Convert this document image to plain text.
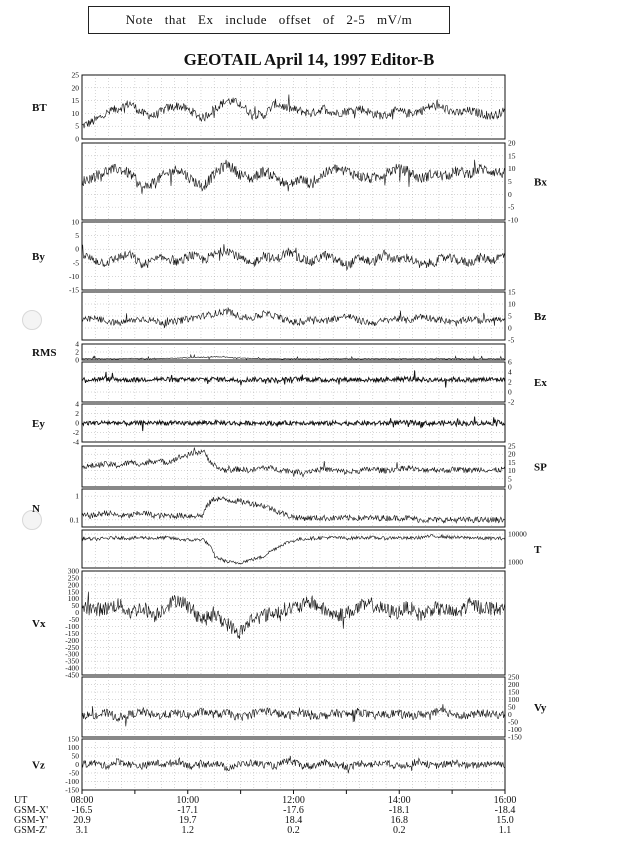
Note that Ex include offset of 2-5 mV/m
GEOTAIL April 14, 1997 Editor-B
25
20
15
10
5
0
BT
20
15
10
5
0
-5
-10
Bx
10
5
0
-5
-10
-15
By
15
10
5
0
-5
Bz
4
2
0
RMS
6
4
2
0
-2
Ex
4
2
0
-2
-4
Ey
25
20
15
10
5
0
SP
1
0.1
N
10000
1000
T
300
250
200
150
100
50
0
-50
-100
-150
-200
-250
-300
-350
-400
-450
Vx
250
200
150
100
50
0
-50
-100
-150
Vy
150
100
50
0
-50
-100
-150
Vz
UT
GSM-X'
GSM-Y'
GSM-Z'
08:00
-16.5
20.9
3.1
10:00
-17.1
19.7
1.2
12:00
-17.6
18.4
0.2
14:00
-18.1
16.8
0.2
16:00
-18.4
15.0
1.1
